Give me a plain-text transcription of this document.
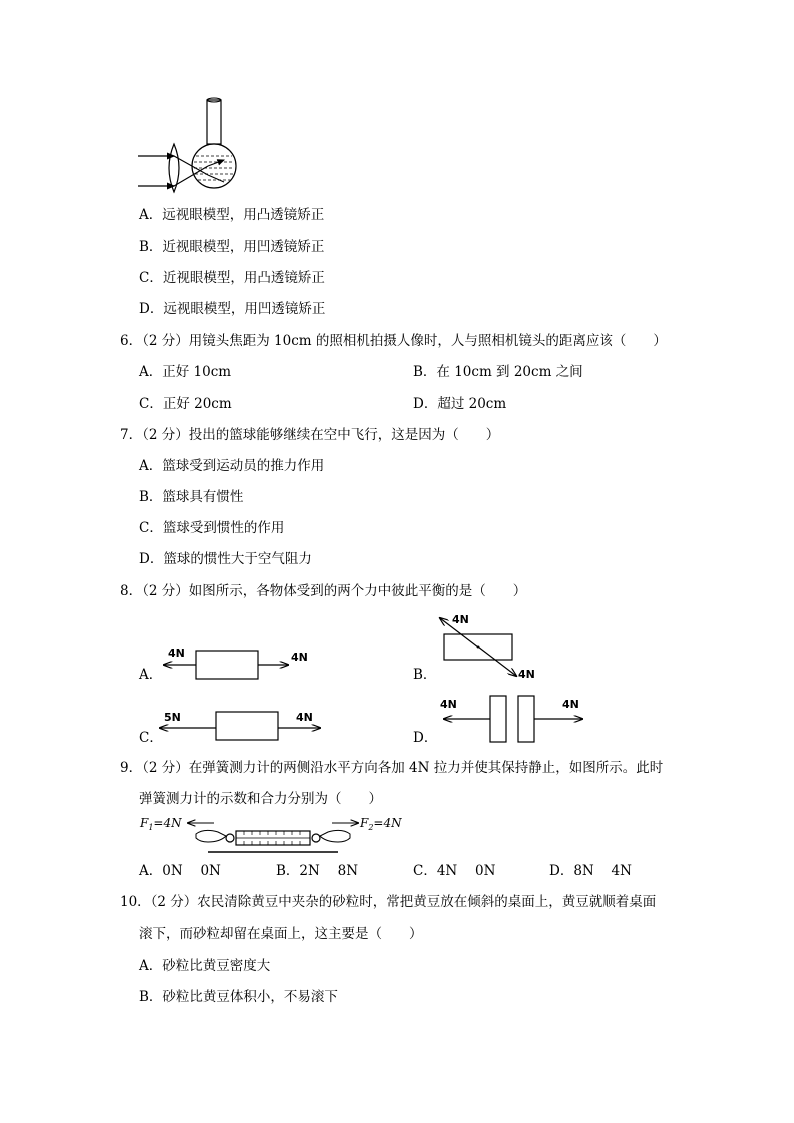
A．远视眼模型，用凸透镜矫正
B．近视眼模型，用凹透镜矫正
C．近视眼模型，用凸透镜矫正
D．远视眼模型，用凹透镜矫正
6．（2 分）用镜头焦距为 10cm 的照相机拍摄人像时，人与照相机镜头的距离应该（　　）
A．正好 10cm	B．在 10cm 到 20cm 之间
C．正好 20cm	D．超过 20cm
7．（2 分）投出的篮球能够继续在空中飞行，这是因为（　　）
A．篮球受到运动员的推力作用
B．篮球具有惯性
C．篮球受到惯性的作用
D．篮球的惯性大于空气阻力
8．（2 分）如图所示，各物体受到的两个力中彼此平衡的是（　　）
A．
4N	4N
B．
4N
4N
C．
5N	4N
D．
4N	4N
9．（2 分）在弹簧测力计的两侧沿水平方向各加 4N 拉力并使其保持静止，如图所示。此时
弹簧测力计的示数和合力分别为（　　）
$F_1=4N$	$F_2=4N$
A．0N　 0N	B．2N　 8N	C．4N　 0N	D．8N　 4N
10．（2 分）农民清除黄豆中夹杂的砂粒时，常把黄豆放在倾斜的桌面上，黄豆就顺着桌面
滚下，而砂粒却留在桌面上，这主要是（　　）
A．砂粒比黄豆密度大
B．砂粒比黄豆体积小，不易滚下
